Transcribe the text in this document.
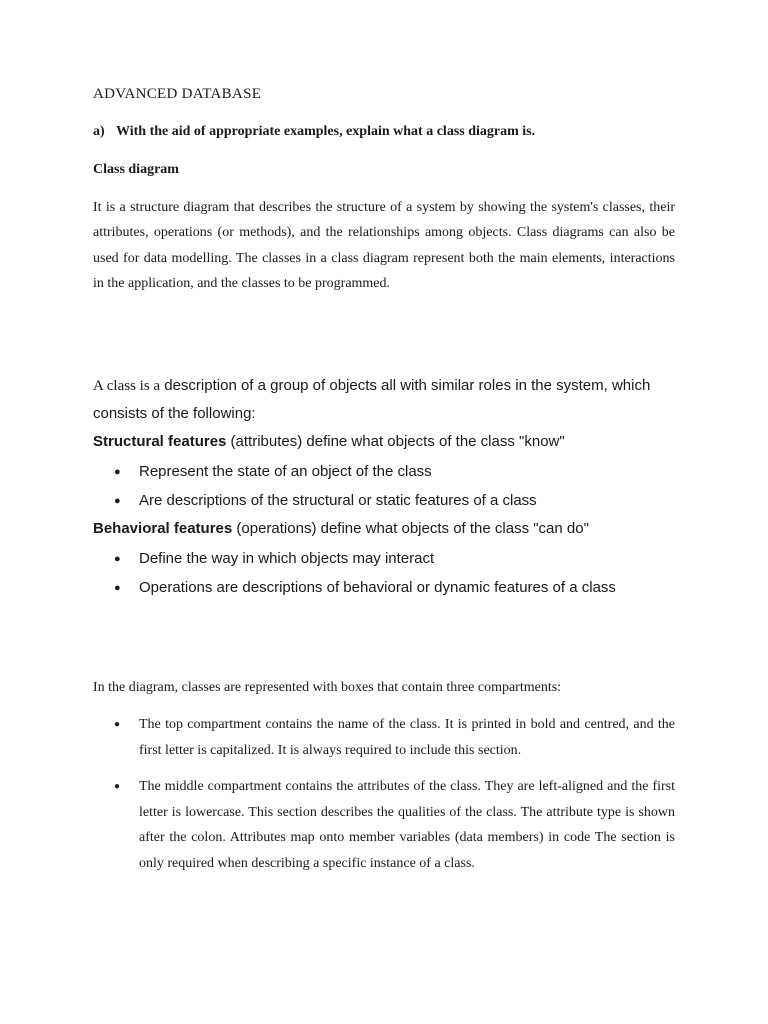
ADVANCED DATABASE

a) With the aid of appropriate examples, explain what a class diagram is.

Class diagram

It is a structure diagram that describes the structure of a system by showing the system's classes, their attributes, operations (or methods), and the relationships among objects. Class diagrams can also be used for data modelling. The classes in a class diagram represent both the main elements, interactions in the application, and the classes to be programmed.

A class is a description of a group of objects all with similar roles in the system, which consists of the following:

Structural features (attributes) define what objects of the class "know"

● Represent the state of an object of the class
● Are descriptions of the structural or static features of a class

Behavioral features (operations) define what objects of the class "can do"

● Define the way in which objects may interact
● Operations are descriptions of behavioral or dynamic features of a class

In the diagram, classes are represented with boxes that contain three compartments:

● The top compartment contains the name of the class. It is printed in bold and centred, and the first letter is capitalized. It is always required to include this section.
● The middle compartment contains the attributes of the class. They are left-aligned and the first letter is lowercase. This section describes the qualities of the class. The attribute type is shown after the colon. Attributes map onto member variables (data members) in code The section is only required when describing a specific instance of a class.
